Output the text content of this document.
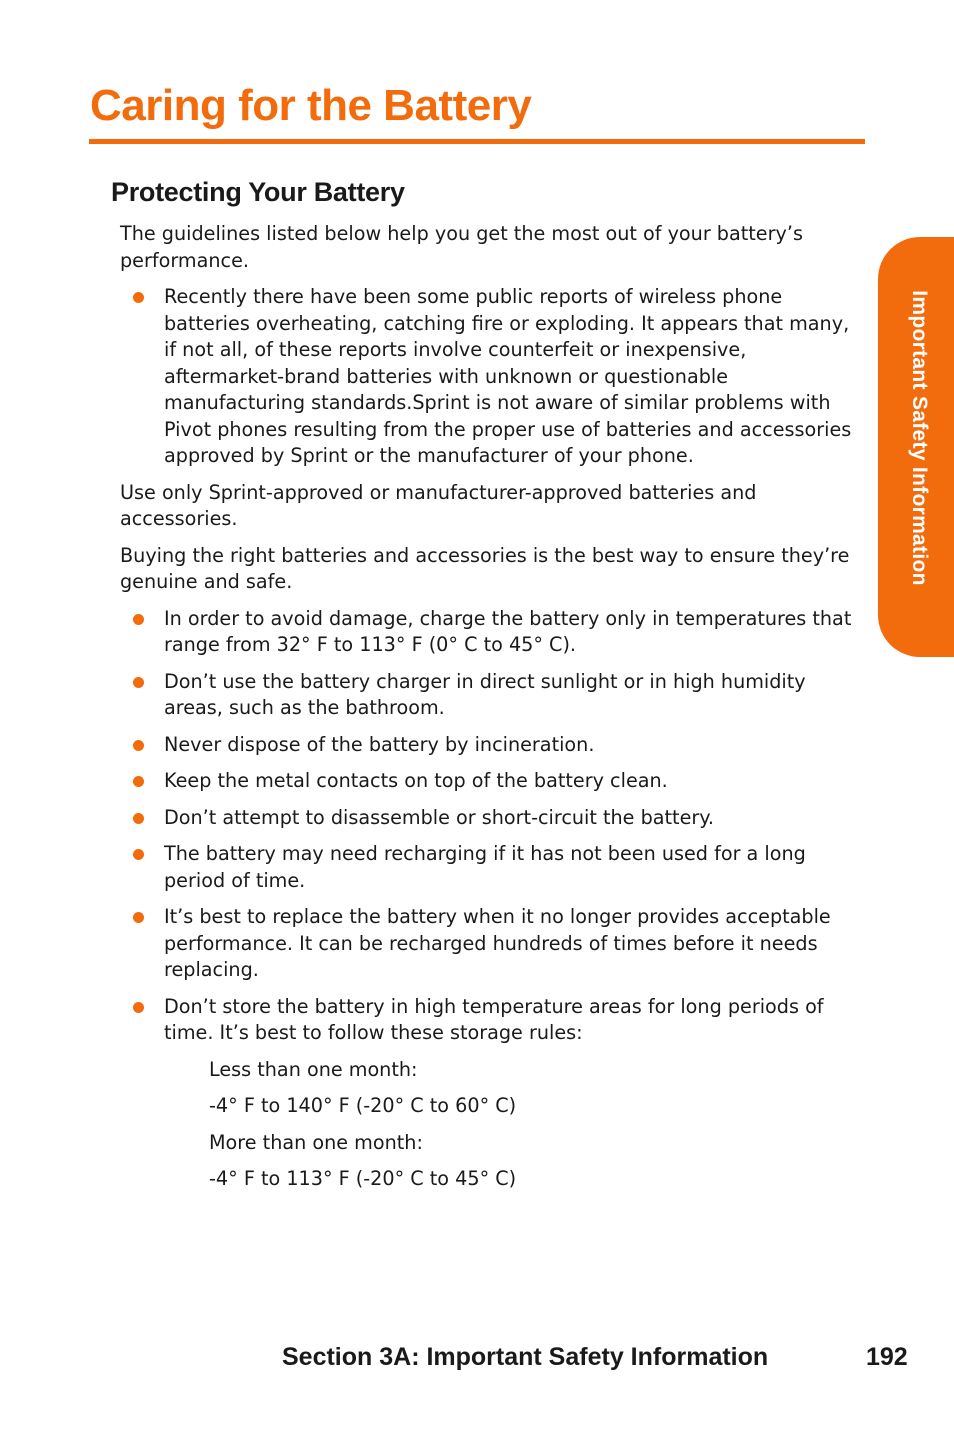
Caring for the Battery
Protecting Your Battery

The guidelines listed below help you get the most out of your battery’s performance.

Recently there have been some public reports of wireless phone batteries overheating, catching fire or exploding. It appears that many, if not all, of these reports involve counterfeit or inexpensive, aftermarket-brand batteries with unknown or questionable manufacturing standards.Sprint is not aware of similar problems with Pivot phones resulting from the proper use of batteries and accessories approved by Sprint or the manufacturer of your phone.

Use only Sprint-approved or manufacturer-approved batteries and accessories.

Buying the right batteries and accessories is the best way to ensure they’re genuine and safe.

In order to avoid damage, charge the battery only in temperatures that range from 32° F to 113° F (0° C to 45° C).
Don’t use the battery charger in direct sunlight or in high humidity areas, such as the bathroom.
Never dispose of the battery by incineration.
Keep the metal contacts on top of the battery clean.
Don’t attempt to disassemble or short-circuit the battery.
The battery may need recharging if it has not been used for a long period of time.
It’s best to replace the battery when it no longer provides acceptable performance. It can be recharged hundreds of times before it needs replacing.
Don’t store the battery in high temperature areas for long periods of time. It’s best to follow these storage rules:
Less than one month:
-4° F to 140° F (-20° C to 60° C)
More than one month:
-4° F to 113° F (-20° C to 45° C)
Important Safety Information
Section 3A: Important Safety Information	192
